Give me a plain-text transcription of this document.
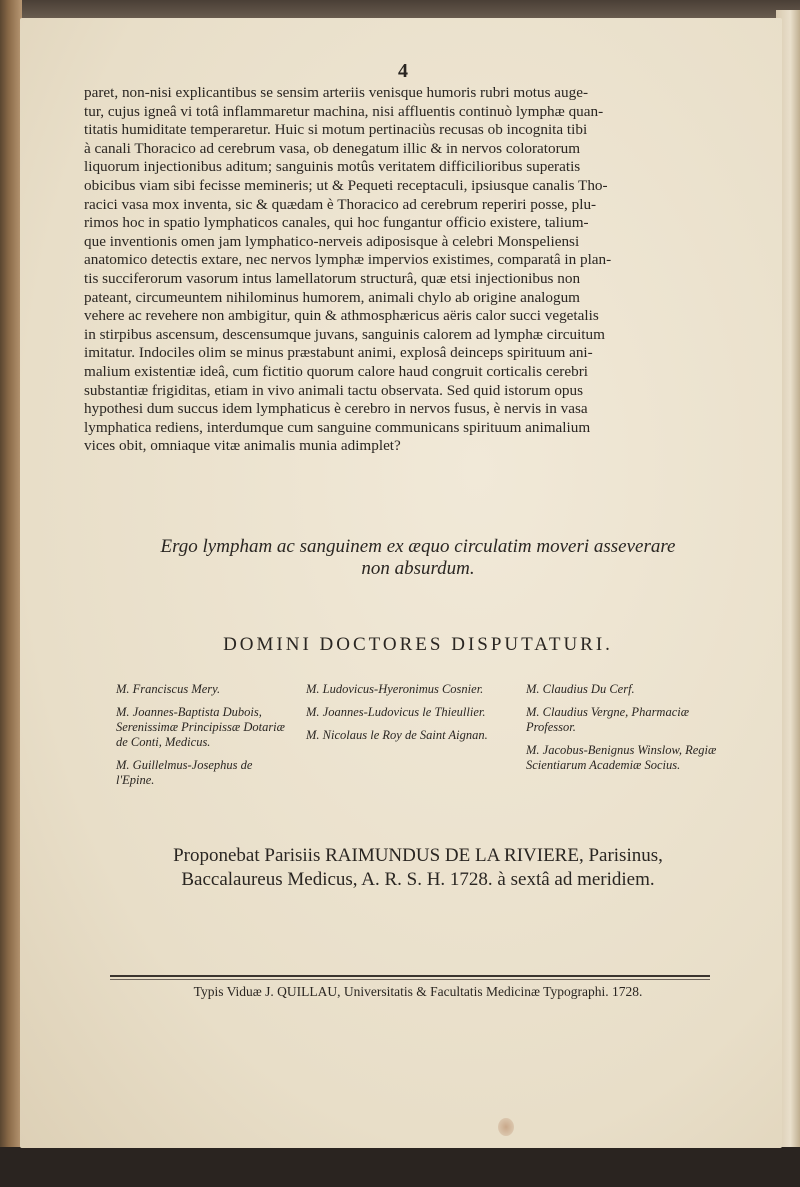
4
paret, non-nisi explicantibus se sensim arteriis venisque humoris rubri motus auge-
tur, cujus igneâ vi totâ inflammaretur machina, nisi affluentis continuò lymphæ quan-
titatis humiditate temperaretur. Huic si motum pertinaciùs recusas ob incognita tibi
à canali Thoracico ad cerebrum vasa, ob denegatum illic & in nervos coloratorum
liquorum injectionibus aditum; sanguinis motûs veritatem difficilioribus superatis
obicibus viam sibi fecisse memineris; ut & Pequeti receptaculi, ipsiusque canalis Tho-
racici vasa mox inventa, sic & quædam è Thoracico ad cerebrum reperiri posse, plu-
rimos hoc in spatio lymphaticos canales, qui hoc fungantur officio existere, talium-
que inventionis omen jam lymphatico-nerveis adiposisque à celebri Monspeliensi
anatomico detectis extare, nec nervos lymphæ impervios existimes, comparatâ in plan-
tis succiferorum vasorum intus lamellatorum structurâ, quæ etsi injectionibus non
pateant, circumeuntem nihilominus humorem, animali chylo ab origine analogum
vehere ac revehere non ambigitur, quin & athmosphæricus aëris calor succi vegetalis
in stirpibus ascensum, descensumque juvans, sanguinis calorem ad lymphæ circuitum
imitatur. Indociles olim se minus præstabunt animi, explosâ deinceps spirituum ani-
malium existentiæ ideâ, cum fictitio quorum calore haud congruit corticalis cerebri
substantiæ frigiditas, etiam in vivo animali tactu observata. Sed quid istorum opus
hypothesi dum succus idem lymphaticus è cerebro in nervos fusus, è nervis in vasa
lymphatica rediens, interdumque cum sanguine communicans spirituum animalium
vices obit, omniaque vitæ animalis munia adimplet?
Ergo lympham ac sanguinem ex æquo circulatim moveri asseverare
non absurdum.
DOMINI DOCTORES DISPUTATURI.
M. Franciscus Mery.
M. Joannes-Baptista Dubois, Serenissimæ Principissæ Dotariæ de Conti, Medicus.
M. Guillelmus-Josephus de l'Epine.
M. Ludovicus-Hyeronimus Cosnier.
M. Joannes-Ludovicus le Thieullier.
M. Nicolaus le Roy de Saint Aignan.
M. Claudius Du Cerf.
M. Claudius Vergne, Pharmaciæ Professor.
M. Jacobus-Benignus Winslow, Regiæ Scientiarum Academiæ Socius.
Proponebat Parisiis RAIMUNDUS DE LA RIVIERE, Parisinus,
Baccalaureus Medicus, A. R. S. H. 1728. à sextâ ad meridiem.
Typis Viduæ J. QUILLAU, Universitatis & Facultatis Medicinæ Typographi. 1728.
